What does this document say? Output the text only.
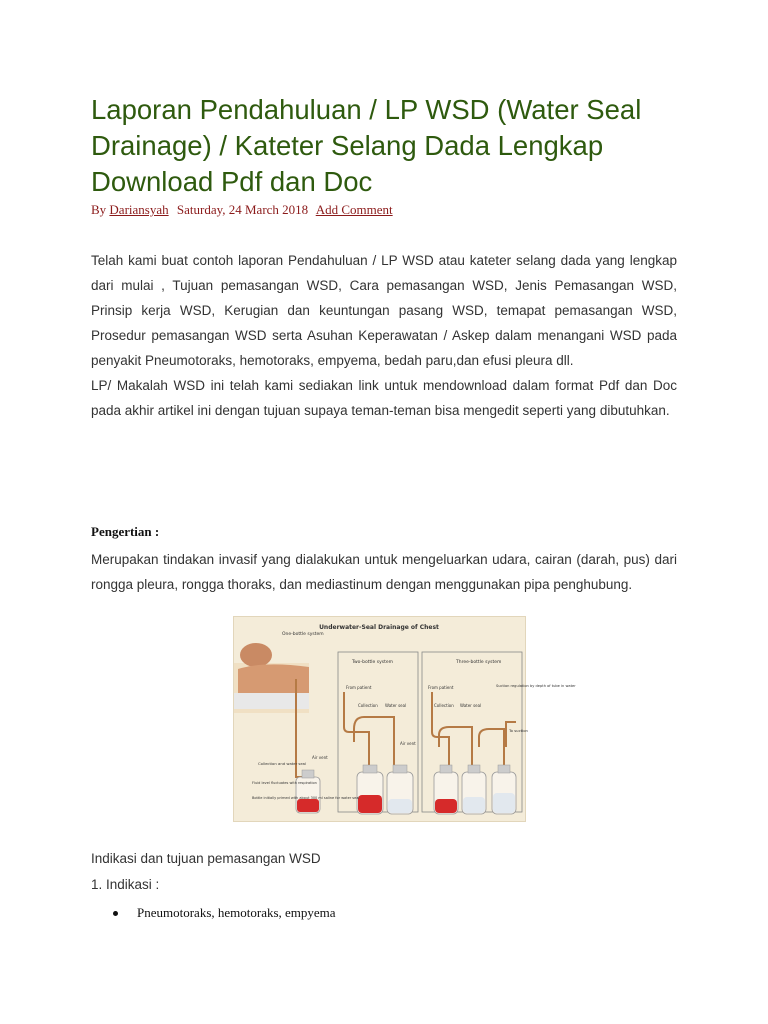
Laporan Pendahuluan / LP WSD (Water Seal Drainage) / Kateter Selang Dada Lengkap Download Pdf dan Doc
By Dariansyah Saturday, 24 March 2018 Add Comment

Telah kami buat contoh laporan Pendahuluan / LP WSD atau kateter selang dada yang lengkap dari mulai , Tujuan pemasangan WSD, Cara pemasangan WSD, Jenis Pemasangan WSD, Prinsip kerja WSD, Kerugian dan keuntungan pasang WSD, temapat pemasangan WSD, Prosedur pemasangan WSD serta Asuhan Keperawatan / Askep dalam menangani WSD pada penyakit Pneumotoraks, hemotoraks, empyema, bedah paru,dan efusi pleura dll.

LP/ Makalah WSD ini telah kami sediakan link untuk mendownload dalam format Pdf dan Doc pada akhir artikel ini dengan tujuan supaya teman-teman bisa mengedit seperti yang dibutuhkan.

Pengertian :

Merupakan tindakan invasif yang dialakukan untuk mengeluarkan udara, cairan (darah, pus) dari rongga pleura, rongga thoraks, dan mediastinum dengan menggunakan pipa penghubung.

Underwater-Seal Drainage of Chest
One-bottle system
Two-bottle system	Three-bottle system
From patient	From patient
Collection Water seal	Collection Water seal
Air vent
Air vent
Suction regulation by depth of tube in water
To suction
Collection and water seal
Fluid level fluctuates with respiration
Bottle initially primed with about 300 ml saline for water seal

Indikasi dan tujuan pemasangan WSD

1. Indikasi :

Pneumotoraks, hemotoraks, empyema
